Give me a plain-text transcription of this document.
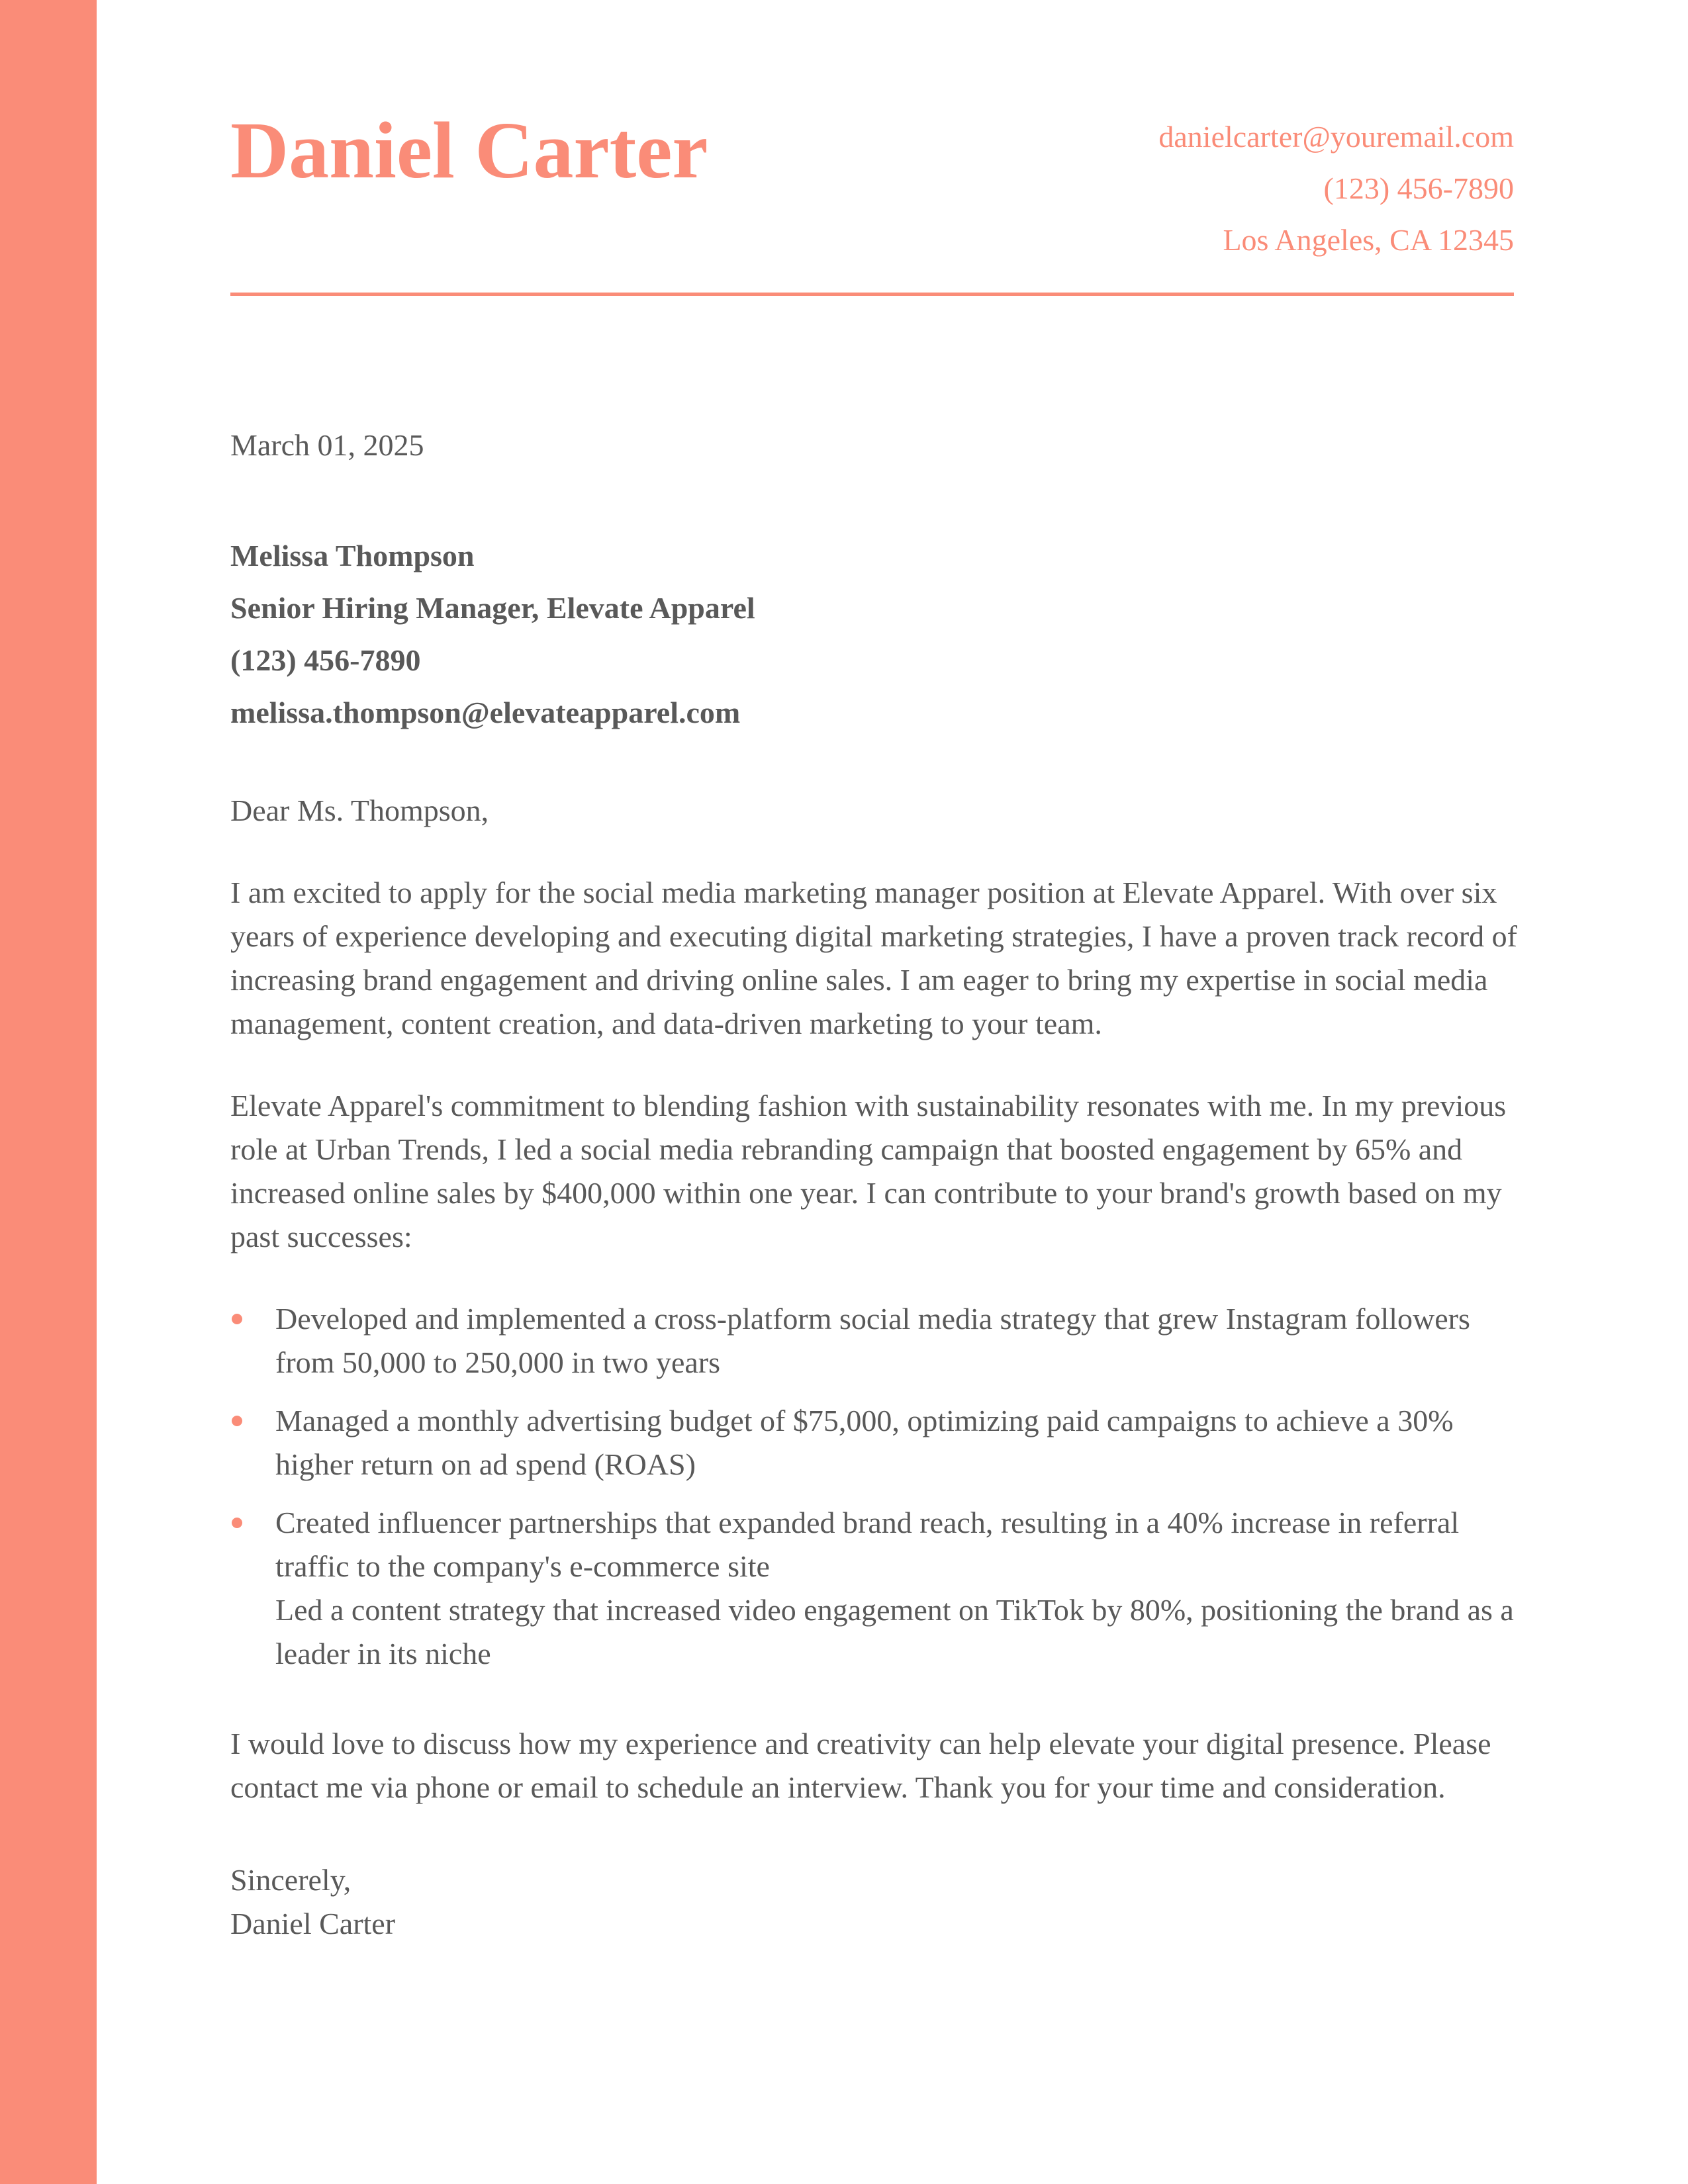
Daniel Carter	danielcarter@youremail.com
(123) 456-7890
Los Angeles, CA 12345

March 01, 2025

Melissa Thompson
Senior Hiring Manager, Elevate Apparel
(123) 456-7890
melissa.thompson@elevateapparel.com

Dear Ms. Thompson,

I am excited to apply for the social media marketing manager position at Elevate Apparel. With over six years of experience developing and executing digital marketing strategies, I have a proven track record of increasing brand engagement and driving online sales. I am eager to bring my expertise in social media management, content creation, and data-driven marketing to your team.

Elevate Apparel's commitment to blending fashion with sustainability resonates with me. In my previous role at Urban Trends, I led a social media rebranding campaign that boosted engagement by 65% and increased online sales by $400,000 within one year. I can contribute to your brand's growth based on my past successes:

Developed and implemented a cross-platform social media strategy that grew Instagram followers from 50,000 to 250,000 in two years
Managed a monthly advertising budget of $75,000, optimizing paid campaigns to achieve a 30% higher return on ad spend (ROAS)
Created influencer partnerships that expanded brand reach, resulting in a 40% increase in referral traffic to the company's e-commerce site
Led a content strategy that increased video engagement on TikTok by 80%, positioning the brand as a leader in its niche

I would love to discuss how my experience and creativity can help elevate your digital presence. Please contact me via phone or email to schedule an interview. Thank you for your time and consideration.

Sincerely,
Daniel Carter
